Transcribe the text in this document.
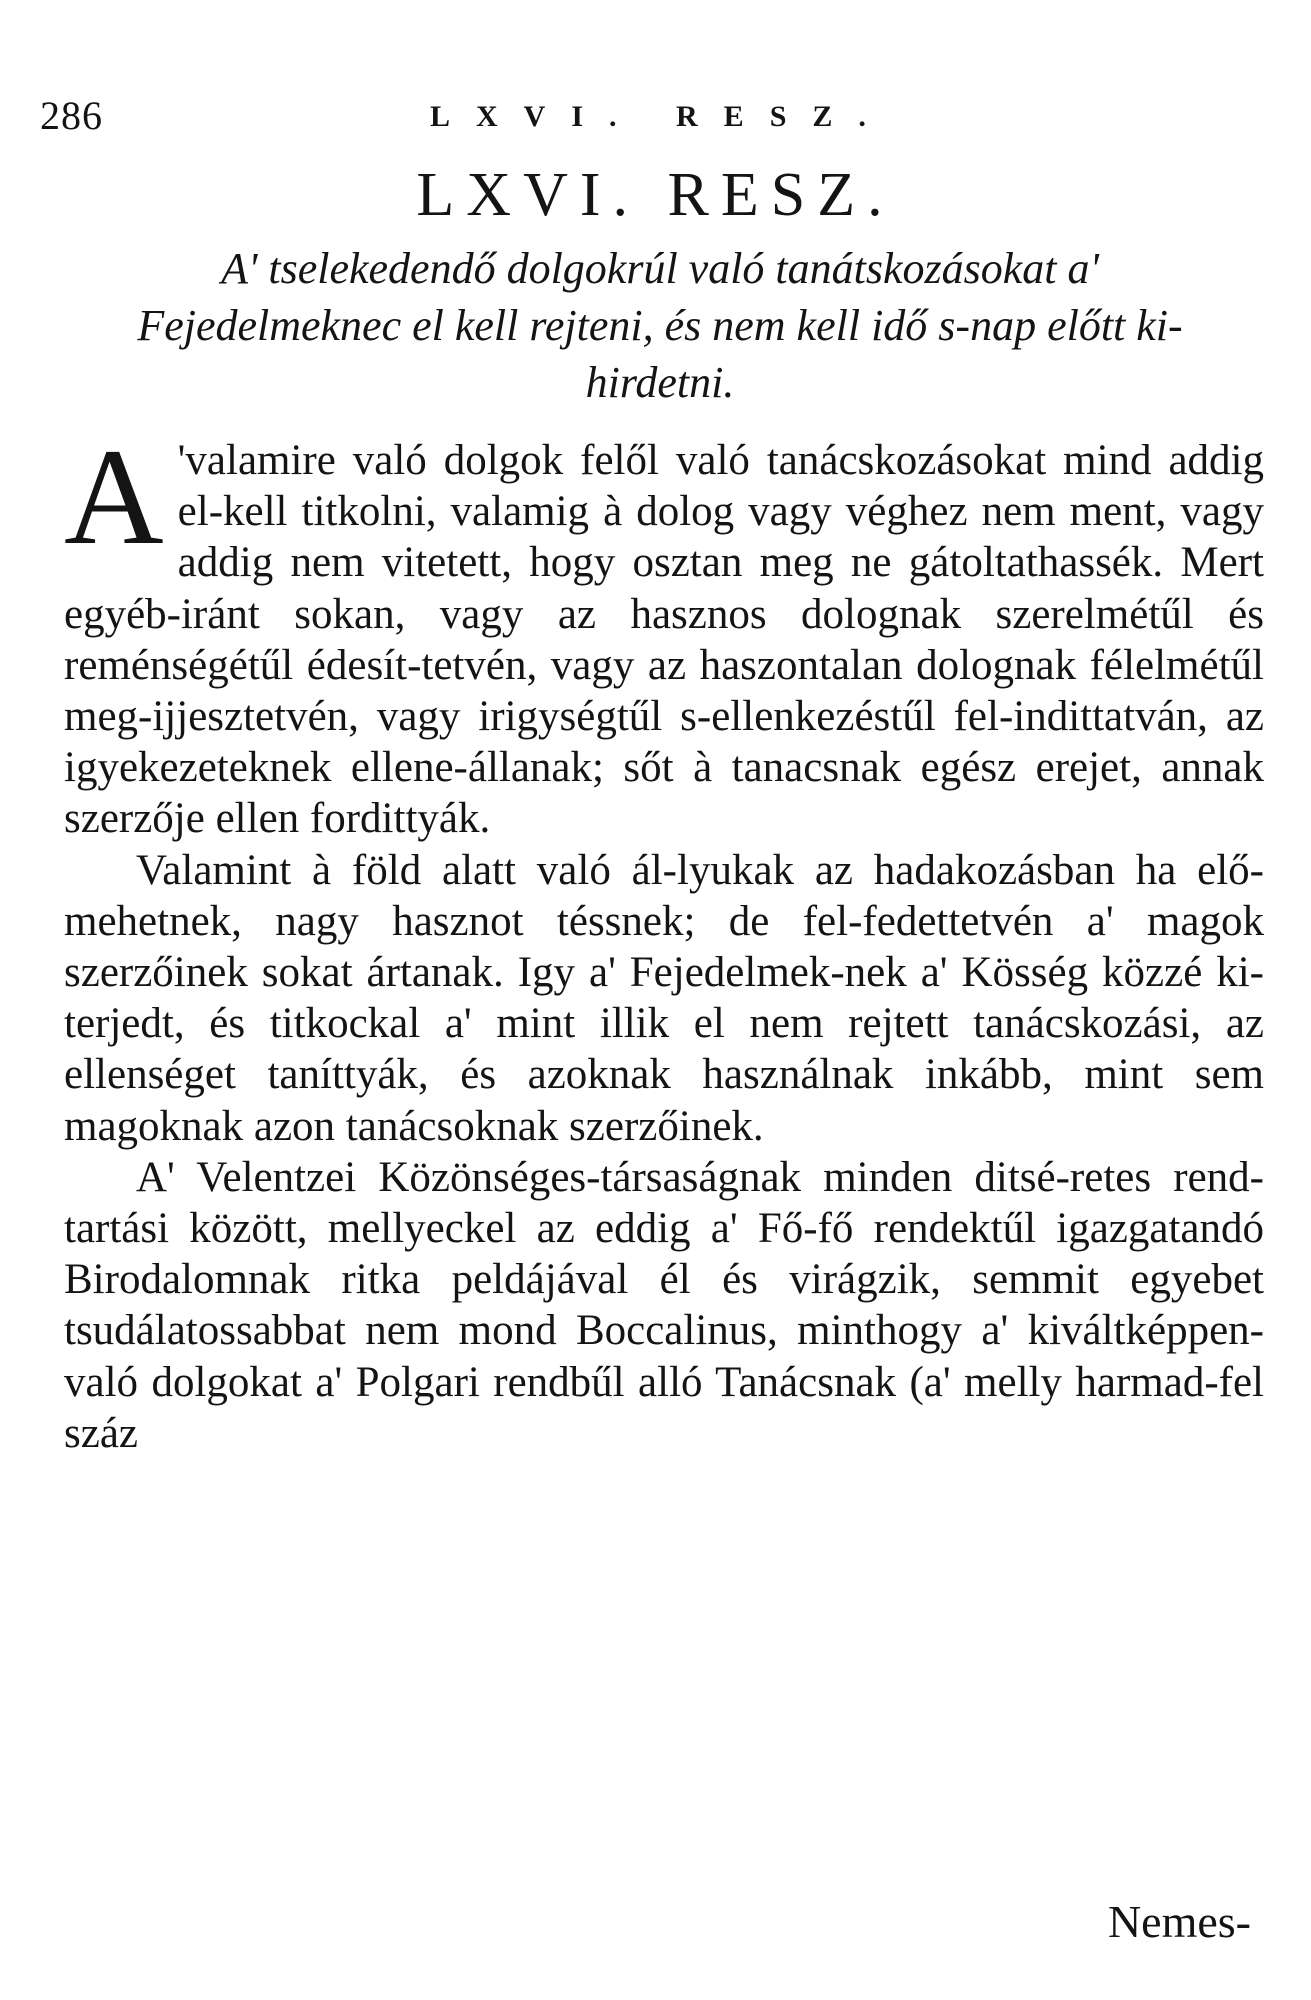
286	LXVI. RESZ.
LXVI. RESZ.
A' tselekedendő dolgokrúl való tanátskozásokat a' Fejedelmeknec el kell rejteni, és nem kell idő s-nap előtt ki-hirdetni.

A 'valamire való dolgok felől való tanácskozásokat mind addig el-kell titkolni, valamig à dolog vagy véghez nem ment, vagy addig nem vitetett, hogy osztan meg ne gátoltathassék. Mert egyéb-iránt sokan, vagy az hasznos dolognak szerelmétűl és reménségétűl édesít-tetvén, vagy az haszontalan dolognak félelmétűl meg-ijjesztetvén, vagy irigységtűl s-ellenkezéstűl fel-indittatván, az igyekezeteknek ellene-állanak; sőt à tanacsnak egész erejet, annak szerzője ellen fordittyák.

Valamint à föld alatt való ál-lyukak az hadakozásban ha elő-mehetnek, nagy hasznot téssnek; de fel-fedettetvén a' magok szerzőinek sokat ártanak. Igy a' Fejedelmek-nek a' Kösség közzé ki-terjedt, és titkockal a' mint illik el nem rejtett tanácskozási, az ellenséget taníttyák, és azoknak használnak inkább, mint sem magoknak azon tanácsoknak szerzőinek.

A' Velentzei Közönséges-társaságnak minden ditsé-retes rend-tartási között, mellyeckel az eddig a' Fő-fő rendektűl igazgatandó Birodalomnak ritka peldájával él és virágzik, semmit egyebet tsudálatossabbat nem mond Boccalinus, minthogy a' kiváltképpen-való dolgokat a' Polgari rendbűl alló Tanácsnak (a' melly harmad-fel száz

Nemes-
